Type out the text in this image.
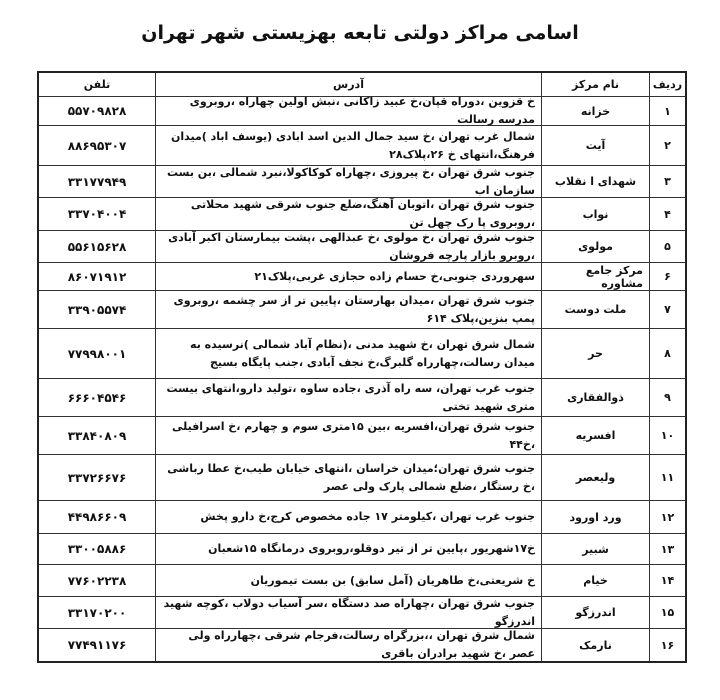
اسامی مراکز دولتی تابعه بهزیستی شهر تهران
ردیف
نام مرکز
آدرس
تلفن
۱
خزانه
خ قزوین ،دوراه قپان،خ عبید زاکانی ،نبش اولین چهاراه ،روبروی مدرسه رسالت
۵۵۷۰۹۸۲۸
۲
آیت
شمال غرب تهران ،خ سید جمال الدین اسد ابادی (یوسف اباد )میدان فرهنگ،انتهای خ ۲۶،پلاک۲۸
۸۸۶۹۵۳۰۷
۳
شهدای ا نقلاب
جنوب شرق تهران ،خ پیروزی ،چهاراه کوکاکولا،نبرد شمالی ،بن بست سازمان اب
۳۳۱۷۷۹۴۹
۴
نواب
جنوب شرق تهران ،اتوبان آهنگ،ضلع جنوب شرقی شهید محلاتی ،روبروی پا رک چهل تن
۳۳۷۰۴۰۰۴
۵
مولوی
جنوب شرق تهران ،خ مولوی ،خ عبدالهی ،پشت بیمارستان اکبر آبادی ،روبرو بازار پارچه فروشان
۵۵۶۱۵۶۲۸
۶
مرکز جامع مشاوره
سهروردی جنوبی،خ حسام زاده حجازی غربی،پلاک۲۱
۸۶۰۷۱۹۱۲
۷
ملت دوست
جنوب شرق تهران ،میدان بهارستان ،پایین تر از سر چشمه ،روبروی پمپ بنزین،پلاک ۶۱۴
۳۳۹۰۵۵۷۴
۸
حر
شمال شرق تهران ،خ شهید مدنی ،(نظام آباد شمالی )نرسیده به میدان رسالت،چهارراه گلبرگ،خ نجف آبادی ،جنب پایگاه بسیج
۷۷۹۹۸۰۰۱
۹
ذوالفقاری
جنوب غرب تهران، سه راه آذری ،جاده ساوه ،تولید دارو،انتهای بیست متری شهید تختی
۶۶۶۰۴۵۴۶
۱۰
افسریه
جنوب شرق تهران،افسریه ،بین ۱۵متری سوم و چهارم ،خ اسرافیلی ،خ۴۴
۳۳۸۴۰۸۰۹
۱۱
ولیعصر
جنوب شرق تهران؛میدان خراسان ،انتهای خیابان طیب،خ عطا رباشی ،خ رستگار ،ضلع شمالی پارک ولی عصر
۳۳۷۲۶۶۷۶
۱۲
ورد اورود
جنوب غرب تهران ،کیلومتر ۱۷ جاده مخصوص کرج،خ دارو پخش
۴۴۹۸۶۶۰۹
۱۳
شبیر
خ۱۷شهریور ،پایین تر از تیر دوقلو،روبروی درمانگاه ۱۵شعبان
۳۳۰۰۵۸۸۶
۱۴
خیام
خ شریعتی،خ طاهریان (آمل سابق) بن بست تیموریان
۷۷۶۰۲۲۳۸
۱۵
اندرزگو
جنوب شرق تهران ،چهاراه صد دستگاه ،سر آسیاب دولاب ،کوچه شهید اندرزگو
۳۳۱۷۰۲۰۰
۱۶
نارمک
شمال شرق تهران ،،بزرگراه رسالت،فرجام شرقی ،چهارراه ولی عصر ،خ شهید برادران باقری
۷۷۴۹۱۱۷۶
